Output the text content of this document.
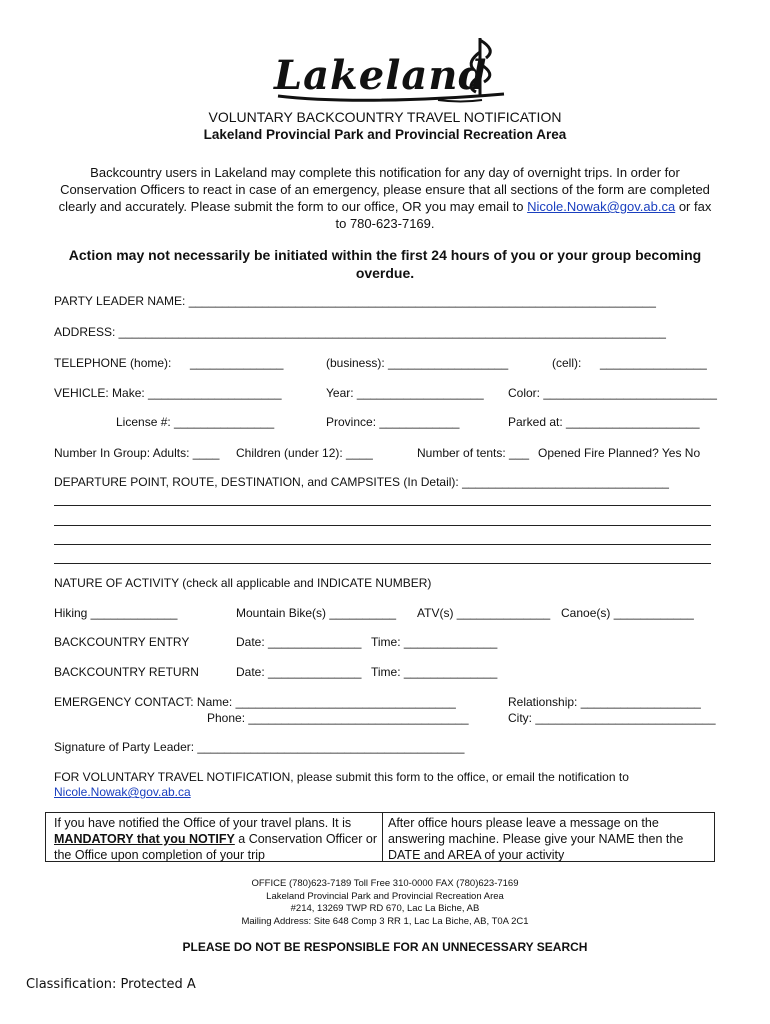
Lakeland
VOLUNTARY BACKCOUNTRY TRAVEL NOTIFICATION
Lakeland Provincial Park and Provincial Recreation Area
Backcountry users in Lakeland may complete this notification for any day of overnight trips. In order for Conservation Officers to react in case of an emergency, please ensure that all sections of the form are completed clearly and accurately. Please submit the form to our office, OR you may email to Nicole.Nowak@gov.ab.ca or fax to 780-623-7169.
Action may not necessarily be initiated within the first 24 hours of you or your group becoming overdue.
PARTY LEADER NAME: ______________________________________________________________________
ADDRESS: __________________________________________________________________________________
TELEPHONE (home): ______________	(business): __________________	(cell): ________________
VEHICLE: Make: ____________________	Year: ___________________ Color: __________________________
License #: _______________	Province: ____________	Parked at: ____________________
Number In Group: Adults: ____ Children (under 12): ____	Number of tents: ___ Opened Fire Planned? Yes No
DEPARTURE POINT, ROUTE, DESTINATION, and CAMPSITES (In Detail): _______________________________
NATURE OF ACTIVITY (check all applicable and INDICATE NUMBER)
Hiking _____________	Mountain Bike(s) __________ ATV(s) ______________ Canoe(s) ____________
BACKCOUNTRY ENTRY	Date: ______________ Time: ______________
BACKCOUNTRY RETURN	Date: ______________ Time: ______________
EMERGENCY CONTACT: Name: _________________________________
Phone: _________________________________
Relationship: __________________
City: ___________________________
Signature of Party Leader: ________________________________________
FOR VOLUNTARY TRAVEL NOTIFICATION, please submit this form to the office, or email the notification to
Nicole.Nowak@gov.ab.ca
If you have notified the Office of your travel plans. It is MANDATORY that you NOTIFY a Conservation Officer or the Office upon completion of your trip
After office hours please leave a message on the answering machine. Please give your NAME then the DATE and AREA of your activity
OFFICE (780)623-7189 Toll Free 310-0000 FAX (780)623-7169
Lakeland Provincial Park and Provincial Recreation Area
#214, 13269 TWP RD 670, Lac La Biche, AB
Mailing Address: Site 648 Comp 3 RR 1, Lac La Biche, AB, T0A 2C1
PLEASE DO NOT BE RESPONSIBLE FOR AN UNNECESSARY SEARCH
Classification: Protected A
